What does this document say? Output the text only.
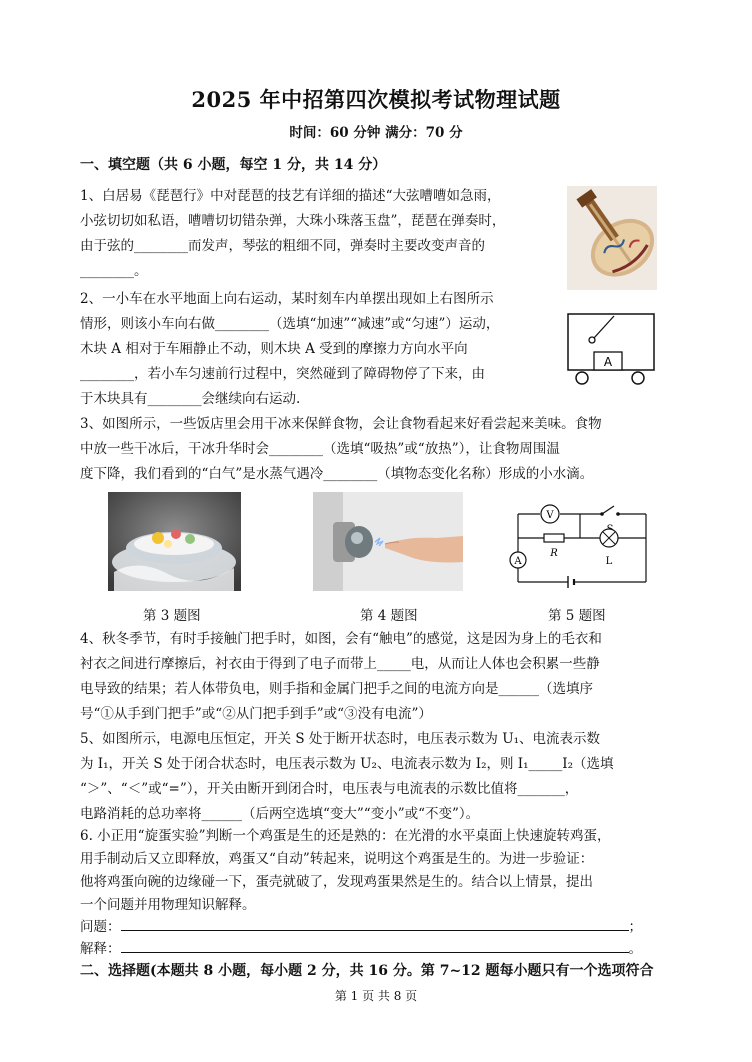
2025 年中招第四次模拟考试物理试题
时间：60 分钟 满分：70 分
一、填空题（共 6 小题，每空 1 分，共 14 分）
1、白居易《琵琶行》中对琵琶的技艺有详细的描述“大弦嘈嘈如急雨，
小弦切切如私语，嘈嘈切切错杂弹，大珠小珠落玉盘”，琵琶在弹奏时，
由于弦的________而发声，琴弦的粗细不同，弹奏时主要改变声音的
________。
2、一小车在水平地面上向右运动，某时刻车内单摆出现如上右图所示
情形，则该小车向右做________（选填“加速”“减速”或“匀速”）运动，
木块 A 相对于车厢静止不动，则木块 A 受到的摩擦力方向水平向
________，若小车匀速前行过程中，突然碰到了障碍物停了下来，由
于木块具有________会继续向右运动.
A
3、如图所示，一些饭店里会用干冰来保鲜食物，会让食物看起来好看尝起来美味。食物
中放一些干冰后，干冰升华时会________（选填“吸热”或“放热”），让食物周围温
度下降，我们看到的“白气”是水蒸气遇冷________（填物态变化名称）形成的小水滴。
V
R
L
A
第 3 题图	第 4 题图	第 5 题图
4、秋冬季节，有时手接触门把手时，如图，会有“触电”的感觉，这是因为身上的毛衣和
衬衣之间进行摩擦后，衬衣由于得到了电子而带上_____电，从而让人体也会积累一些静
电导致的结果；若人体带负电，则手指和金属门把手之间的电流方向是______（选填序
号“①从手到门把手”或“②从门把手到手”或“③没有电流”）
5、如图所示，电源电压恒定，开关 S 处于断开状态时，电压表示数为 U₁、电流表示数
为 I₁，开关 S 处于闭合状态时，电压表示数为 U₂、电流表示数为 I₂，则 I₁_____I₂（选填
“＞”、“＜”或“=”），开关由断开到闭合时，电压表与电流表的示数比值将_______，
电路消耗的总功率将______（后两空选填“变大”“变小”或“不变”）。
6. 小正用“旋蛋实验”判断一个鸡蛋是生的还是熟的：在光滑的水平桌面上快速旋转鸡蛋，
用手制动后又立即释放，鸡蛋又“自动”转起来，说明这个鸡蛋是生的。为进一步验证：
他将鸡蛋向碗的边缘碰一下，蛋壳就破了，发现鸡蛋果然是生的。结合以上情景，提出
一个问题并用物理知识解释。
问题：	；
解释：	。
二、选择题(本题共 8 小题，每小题 2 分，共 16 分。第 7~12 题每小题只有一个选项符合
第 1 页 共 8 页
